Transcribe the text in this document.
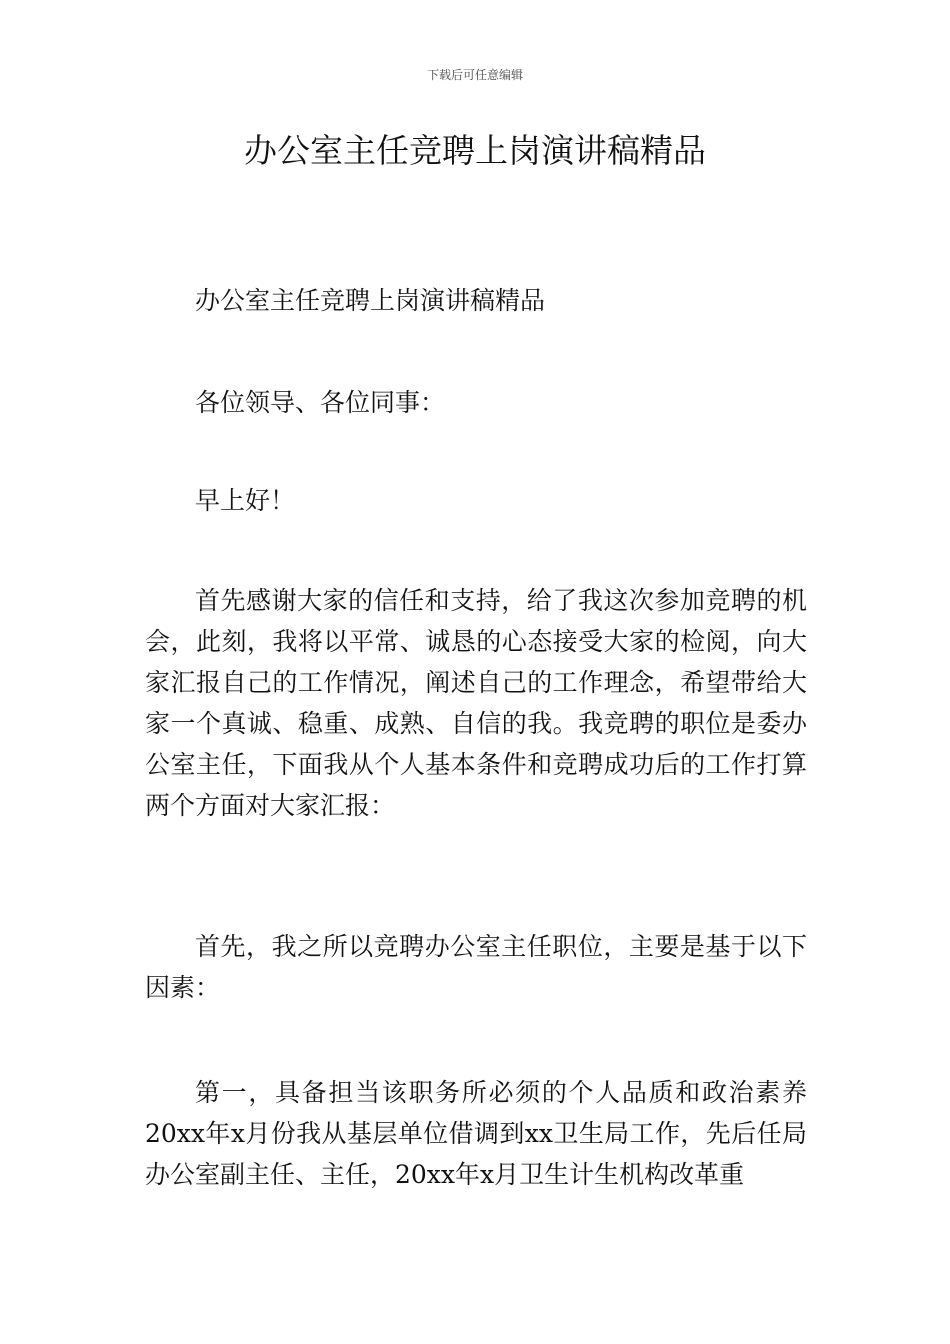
下载后可任意编辑
办公室主任竞聘上岗演讲稿精品

办公室主任竞聘上岗演讲稿精品

各位领导、各位同事：

早上好！

首先感谢大家的信任和支持，给了我这次参加竞聘的机会，此刻，我将以平常、诚恳的心态接受大家的检阅，向大家汇报自己的工作情况，阐述自己的工作理念，希望带给大家一个真诚、稳重、成熟、自信的我。我竞聘的职位是委办公室主任，下面我从个人基本条件和竞聘成功后的工作打算两个方面对大家汇报：

首先，我之所以竞聘办公室主任职位，主要是基于以下因素：

第一，具备担当该职务所必须的个人品质和政治素养20xx年x月份我从基层单位借调到xx卫生局工作，先后任局办公室副主任、主任，20xx年x月卫生计生机构改革重
